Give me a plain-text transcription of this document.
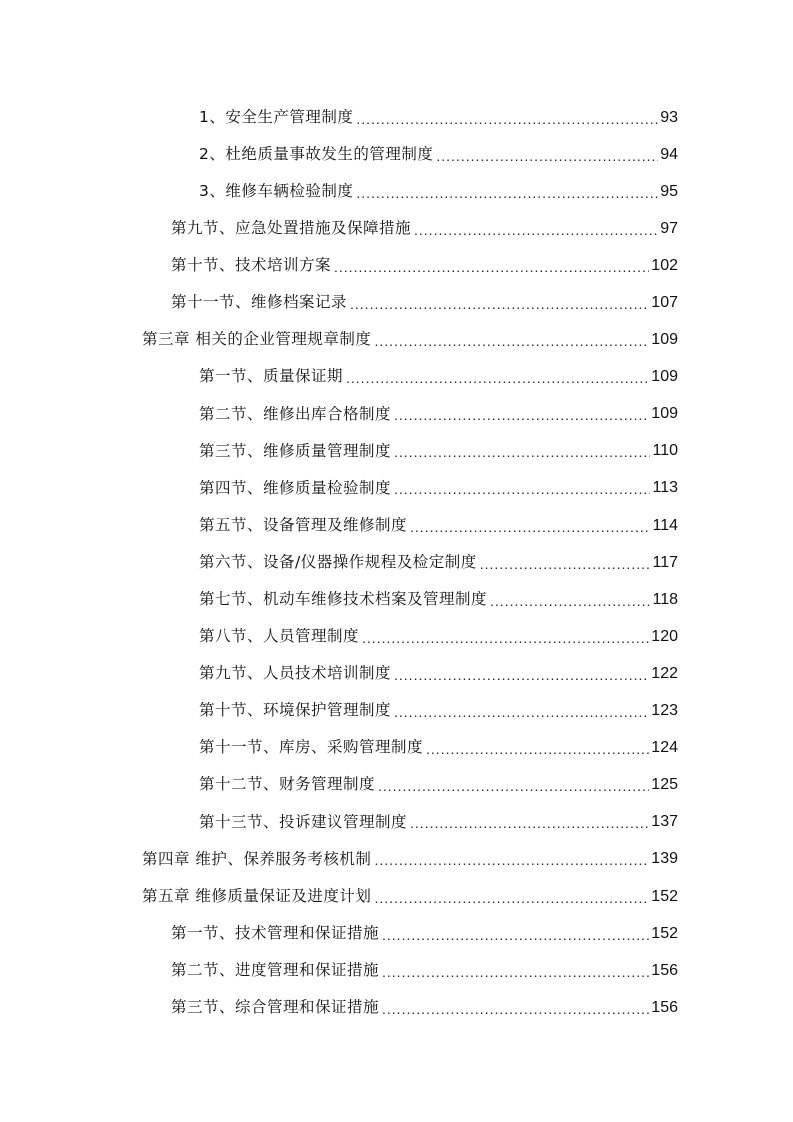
1、安全生产管理制度 .....	93
2、杜绝质量事故发生的管理制度 .....	94
3、维修车辆检验制度 .....	95
第九节、应急处置措施及保障措施 .....	97
第十节、技术培训方案 .....	102
第十一节、维修档案记录 .....	107
第三章 相关的企业管理规章制度 .....	109
第一节、质量保证期 .....	109
第二节、维修出库合格制度 .....	109
第三节、维修质量管理制度 .....	110
第四节、维修质量检验制度 .....	113
第五节、设备管理及维修制度 .....	114
第六节、设备/仪器操作规程及检定制度 .....	117
第七节、机动车维修技术档案及管理制度 .....	118
第八节、人员管理制度 .....	120
第九节、人员技术培训制度 .....	122
第十节、环境保护管理制度 .....	123
第十一节、库房、采购管理制度 .....	124
第十二节、财务管理制度 .....	125
第十三节、投诉建议管理制度 .....	137
第四章 维护、保养服务考核机制 .....	139
第五章 维修质量保证及进度计划 .....	152
第一节、技术管理和保证措施 .....	152
第二节、进度管理和保证措施 .....	156
第三节、综合管理和保证措施 .....	156
